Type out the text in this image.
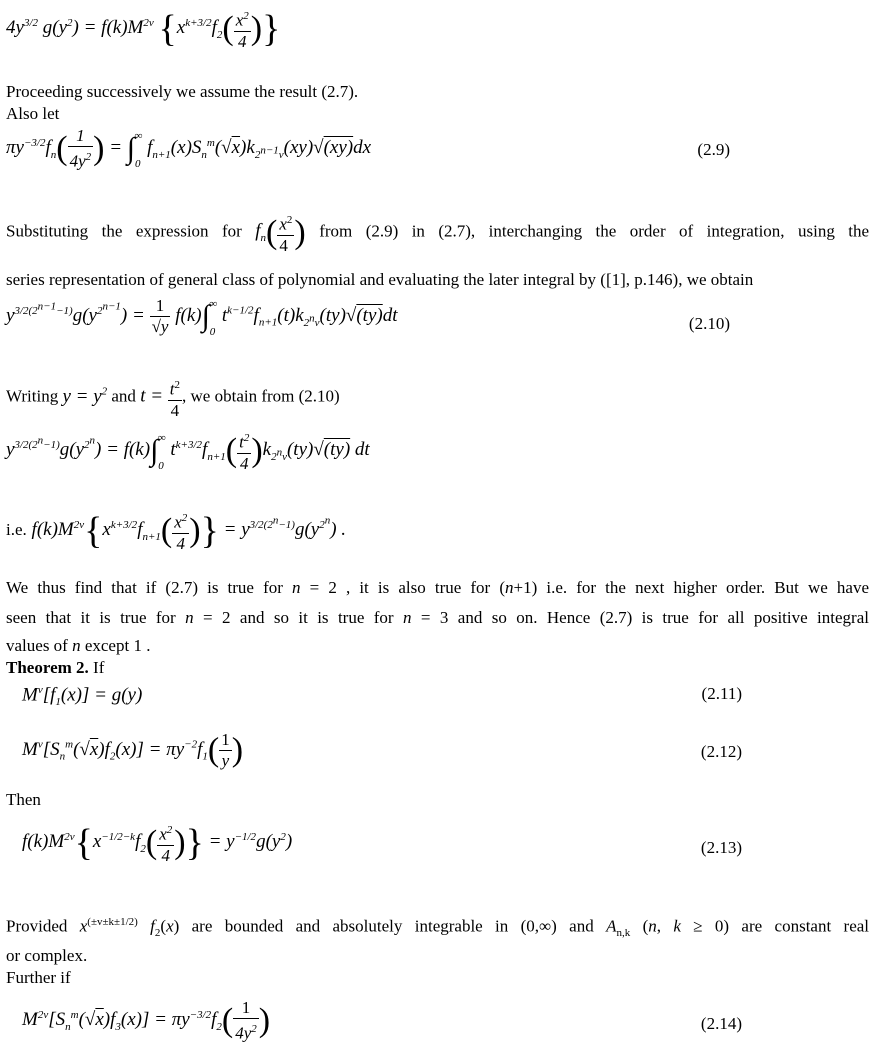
$4y^{3/2}$ $g(y^2) = f(k)M^{2v}$ {$x^{k+3/2}f_2( \frac{x^2}{4}$ )}
Proceeding successively we assume the result (2.7).
Also let
$\pi y^{-3/2}f_n( \frac{1}{4y^2}$ ) = $\int_0^\infty$ $f_{n+1}(x)S_n^m(√x)k_{2^{n-1}v}(xy)√(xy)dx$	(2.9)
Substituting the expression for $f_n( \frac{x^2}{4}$ ) from (2.9) in (2.7), interchanging the order of integration, using the
series representation of general class of polynomial and evaluating the later integral by ([1], p.146), we obtain
$y^{3/2(2^{n-1}-1)}g(y^{2^{n-1}}) = \frac{1}{√y} f(k)\int_0^\infty$ $t^{k-1/2}f_{n+1}(t)k_{2^nv}(ty)√(ty)dt$	(2.10)
Writing $y = y^2$ and $t = \frac{t^2}{4}$ , we obtain from (2.10)
$y^{3/2(2^n-1)}g(y^{2^n}) = f(k)\int_0^\infty$ $t^{k+3/2}f_{n+1}( \frac{t^2}{4} )k_{2^nv}(ty)√(ty)$ dt
i.e. $f(k)M^{2v}\{x^{k+3/2}f_{n+1}( \frac{x^2}{4}$ )} = $y^{3/2(2^n-1)}g(y^{2^n})$ .
We thus find that if (2.7) is true for n = 2 , it is also true for (n+1) i.e. for the next higher order. But we have
seen that it is true for n = 2 and so it is true for n = 3 and so on. Hence (2.7) is true for all positive integral
values of n except 1 .
Theorem 2. If
$M^v[f_1(x)] = g(y)$	(2.11)
$M^v[S_n^m(√x)f_2(x)] = \pi y^{-2}f_1( \frac{1}{y}$ )	(2.12)
Then
$f(k)M^{2v}\{x^{-1/2-k}f_2( \frac{x^2}{4}$ )} = $y^{-1/2}g(y^2)$	(2.13)
Provided $x^{(\pm v\pm k\pm 1/2)}$ $f_2(x)$ are bounded and absolutely integrable in (0,∞) and $A_{n,k}$ (n, k ≥ 0) are constant real
or complex.
Further if
$M^{2v}[S_n^m(√x)f_3(x)] = \pi y^{-3/2}f_2( \frac{1}{4y^2}$ )	(2.14)
